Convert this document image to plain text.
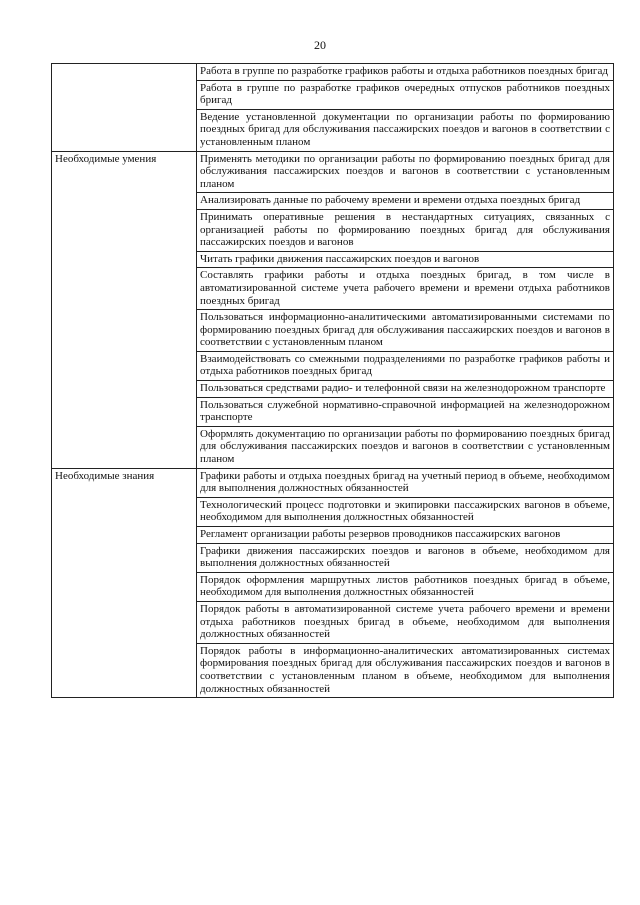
20
	Работа в группе по разработке графиков работы и отдыха работников поездных бригад
	Работа в группе по разработке графиков очередных отпусков работников поездных бригад
	Ведение установленной документации по организации работы по формированию поездных бригад для обслуживания пассажирских поездов и вагонов в соответствии с установленным планом
Необходимые умения	Применять методики по организации работы по формированию поездных бригад для обслуживания пассажирских поездов и вагонов в соответствии с установленным планом
	Анализировать данные по рабочему времени и времени отдыха поездных бригад
	Принимать оперативные решения в нестандартных ситуациях, связанных с организацией работы по формированию поездных бригад для обслуживания пассажирских поездов и вагонов
	Читать графики движения пассажирских поездов и вагонов
	Составлять графики работы и отдыха поездных бригад, в том числе в автоматизированной системе учета рабочего времени и времени отдыха работников поездных бригад
	Пользоваться информационно-аналитическими автоматизированными системами по формированию поездных бригад для обслуживания пассажирских поездов и вагонов в соответствии с установленным планом
	Взаимодействовать со смежными подразделениями по разработке графиков работы и отдыха работников поездных бригад
	Пользоваться средствами радио- и телефонной связи на железнодорожном транспорте
	Пользоваться служебной нормативно-справочной информацией на железнодорожном транспорте
	Оформлять документацию по организации работы по формированию поездных бригад для обслуживания пассажирских поездов и вагонов в соответствии с установленным планом
Необходимые знания	Графики работы и отдыха поездных бригад на учетный период в объеме, необходимом для выполнения должностных обязанностей
	Технологический процесс подготовки и экипировки пассажирских вагонов в объеме, необходимом для выполнения должностных обязанностей
	Регламент организации работы резервов проводников пассажирских вагонов
	Графики движения пассажирских поездов и вагонов в объеме, необходимом для выполнения должностных обязанностей
	Порядок оформления маршрутных листов работников поездных бригад в объеме, необходимом для выполнения должностных обязанностей
	Порядок работы в автоматизированной системе учета рабочего времени и времени отдыха работников поездных бригад в объеме, необходимом для выполнения должностных обязанностей
	Порядок работы в информационно-аналитических автоматизированных системах формирования поездных бригад для обслуживания пассажирских поездов и вагонов в соответствии с установленным планом в объеме, необходимом для выполнения должностных обязанностей
